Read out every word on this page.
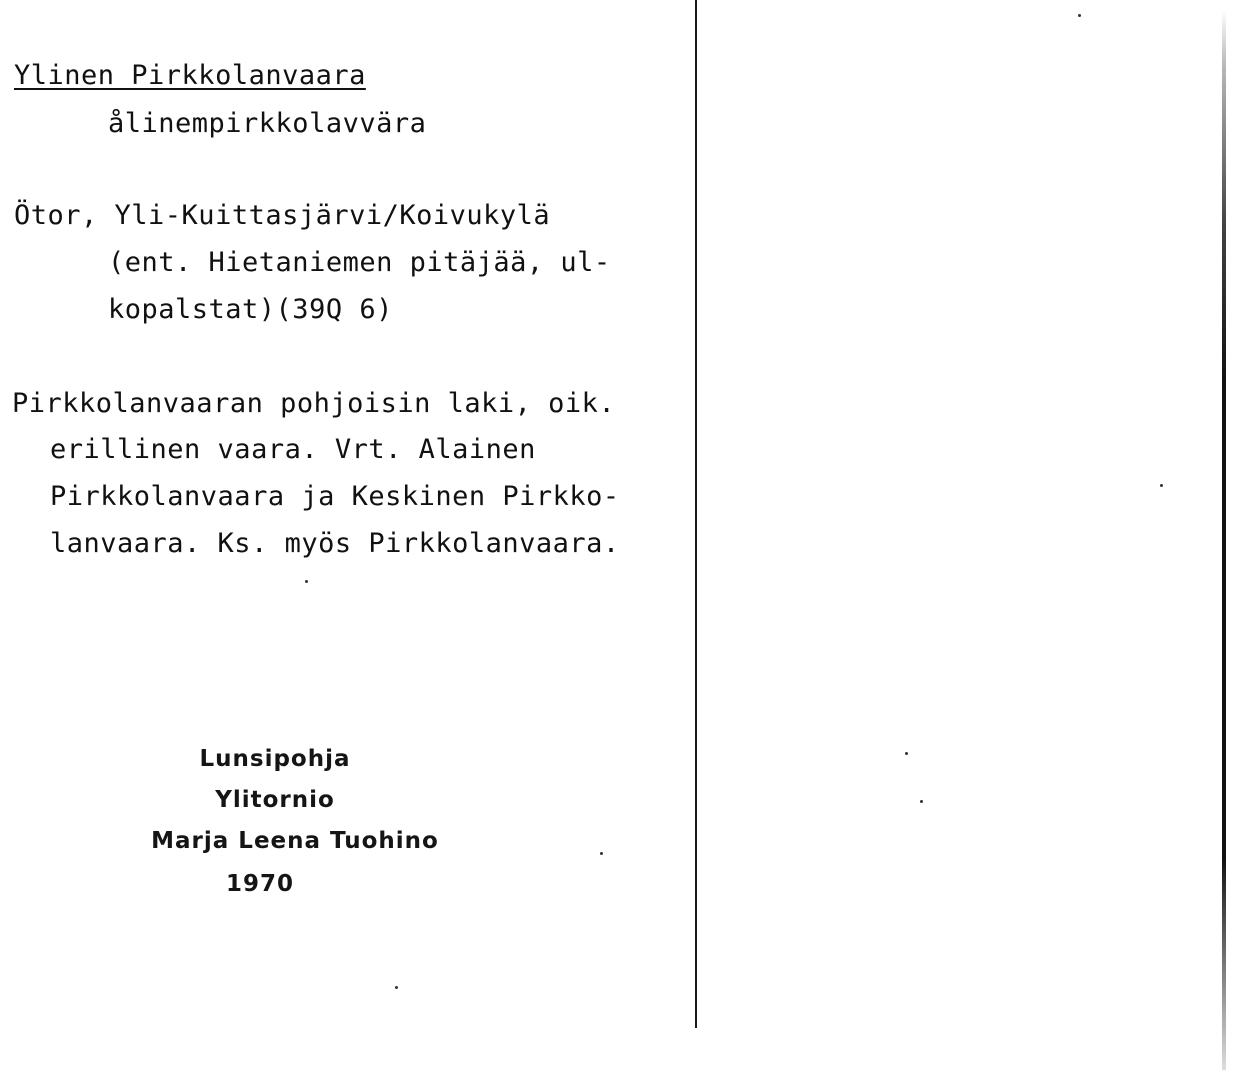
Ylinen Pirkkolanvaara
ålinempirkkolavvära
Ötor, Yli-Kuittasjärvi/Koivukylä
(ent. Hietaniemen pitäjää, ul-
kopalstat)(39Q 6)
Pirkkolanvaaran pohjoisin laki, oik.
erillinen vaara. Vrt. Alainen
Pirkkolanvaara ja Keskinen Pirkko-
lanvaara. Ks. myös Pirkkolanvaara.
Lunsipohja
Ylitornio
Marja Leena Tuohino
1970
